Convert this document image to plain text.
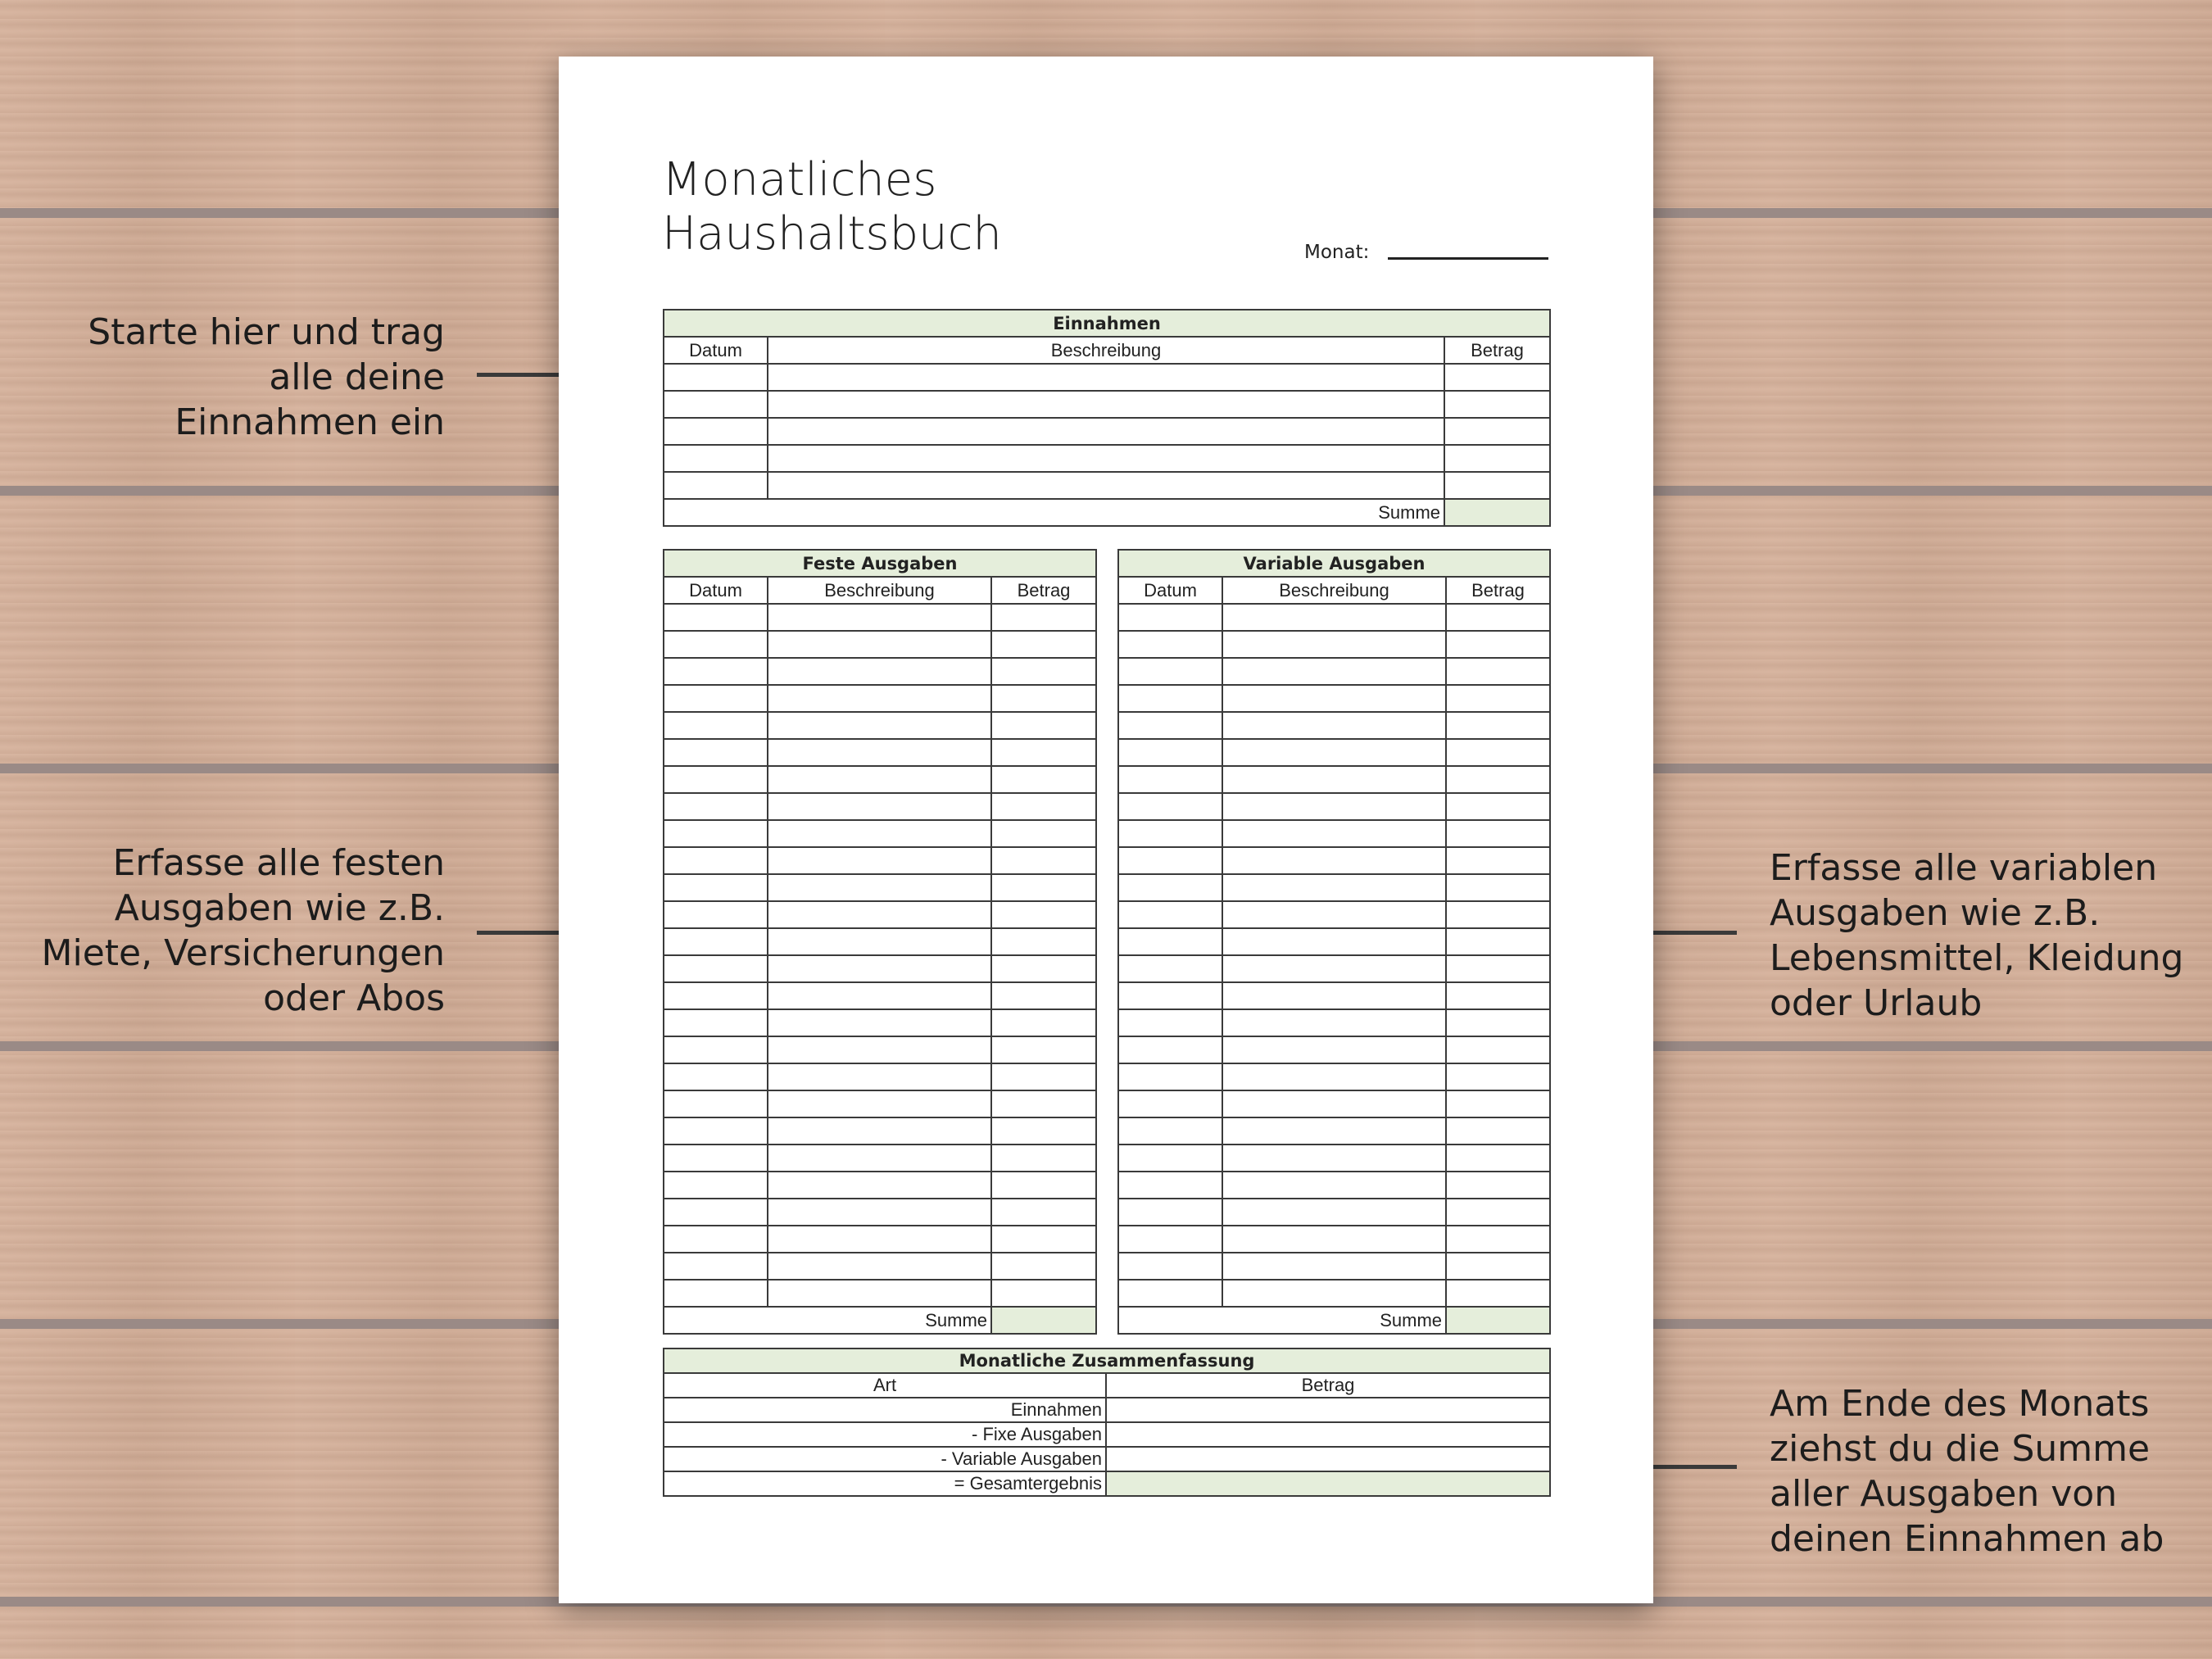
Starte hier und trag
alle deine
Einnahmen ein
Erfasse alle festen
Ausgaben wie z.B.
Miete, Versicherungen
oder Abos
Erfasse alle variablen
Ausgaben wie z.B.
Lebensmittel, Kleidung
oder Urlaub
Am Ende des Monats
ziehst du die Summe
aller Ausgaben von
deinen Einnahmen ab
Monatliches
Haushaltsbuch	Monat:
Einnahmen		
Datum	Beschreibung	Betrag

Summe		
Feste Ausgaben		
Datum	Beschreibung	Betrag

Summe		
Variable Ausgaben		
Datum	Beschreibung	Betrag

Summe		
Monatliche Zusammenfassung	
Art	Betrag
Einnahmen	
- Fixe Ausgaben	
- Variable Ausgaben	
= Gesamtergebnis	
